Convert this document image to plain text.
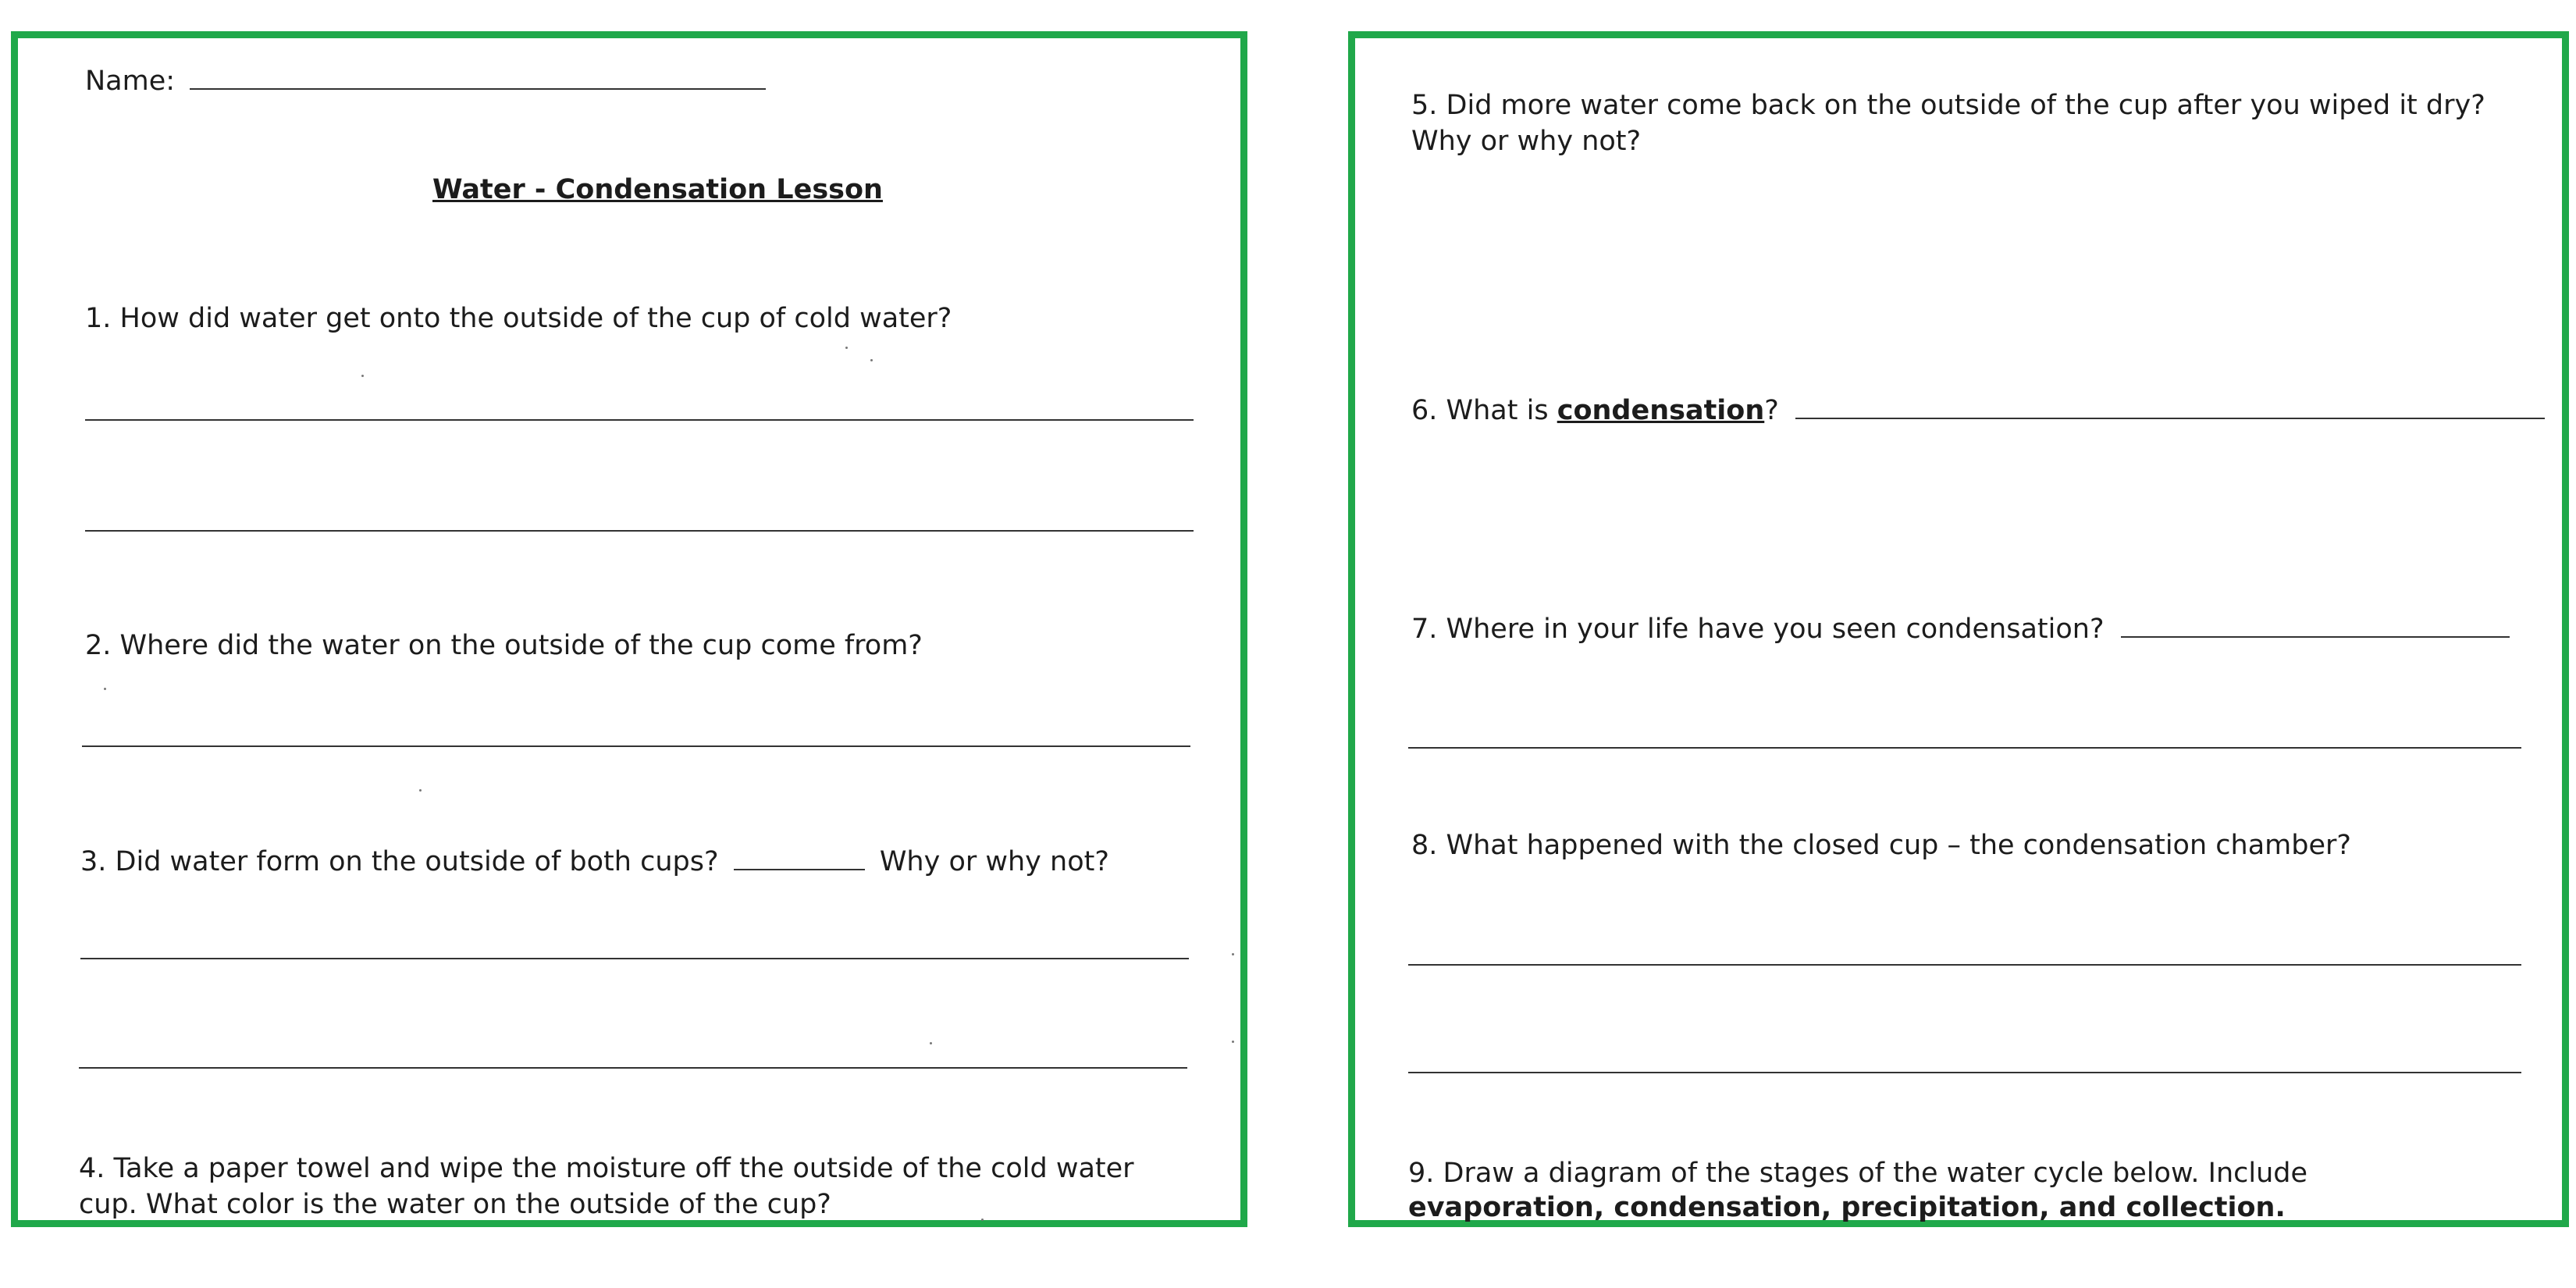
Name:
Water - Condensation Lesson
1. How did water get onto the outside of the cup of cold water?
2. Where did the water on the outside of the cup come from?
3. Did water form on the outside of both cups?	Why or why not?
4. Take a paper towel and wipe the moisture off the outside of the cold water
cup. What color is the water on the outside of the cup?
5. Did more water come back on the outside of the cup after you wiped it dry?
Why or why not?
6. What is condensation?
7. Where in your life have you seen condensation?
8. What happened with the closed cup – the condensation chamber?
9. Draw a diagram of the stages of the water cycle below. Include
evaporation, condensation, precipitation, and collection.
